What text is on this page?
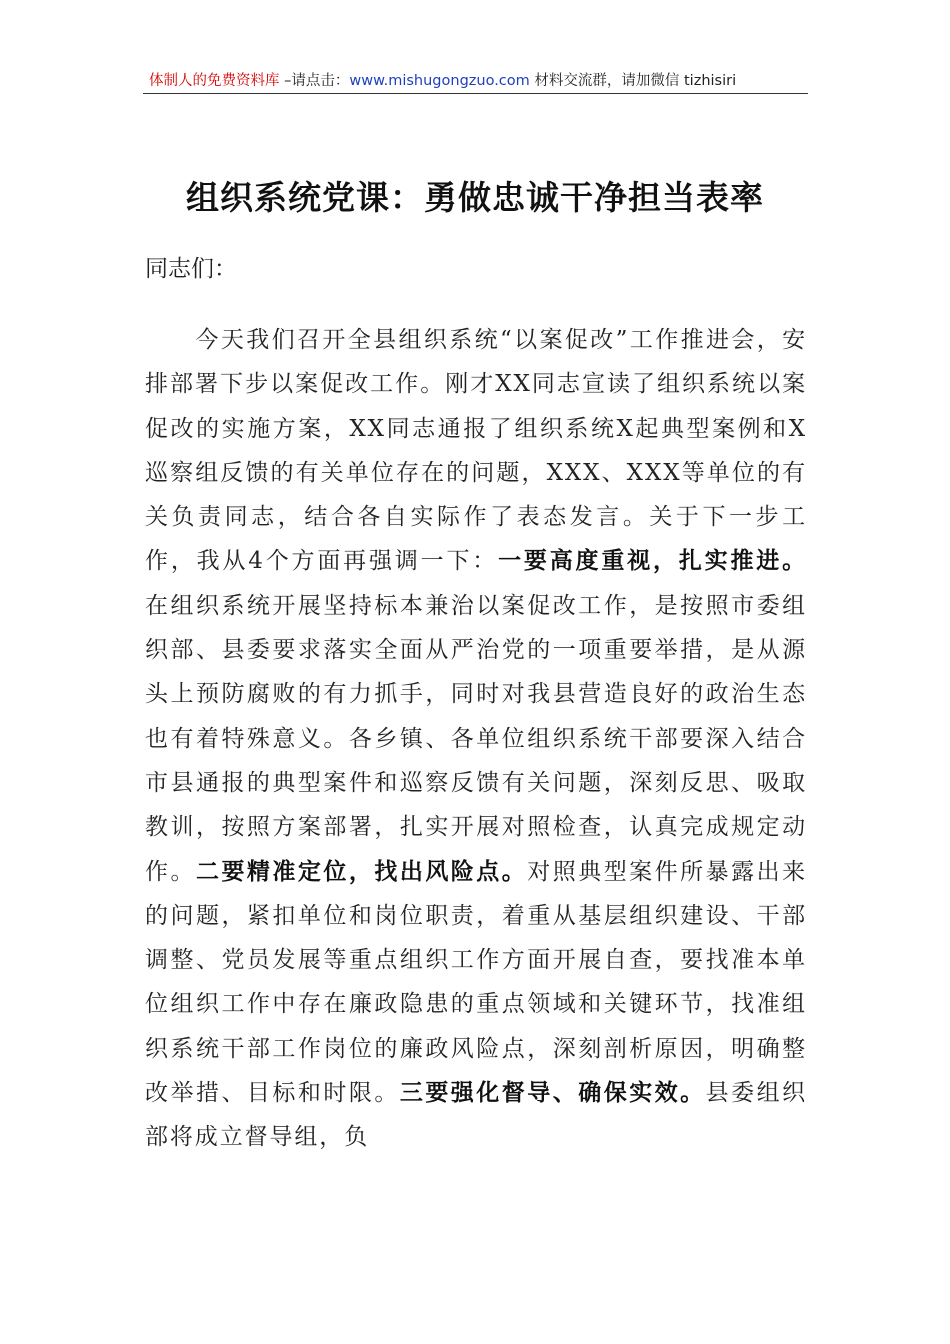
体制人的免费资料库 –请点击：www.mishugongzuo.com 材料交流群，请加微信 tizhisiri
组织系统党课：勇做忠诚干净担当表率
同志们：
今天我们召开全县组织系统“以案促改”工作推进会，安排部署下步以案促改工作。刚才XX同志宣读了组织系统以案促改的实施方案，XX同志通报了组织系统X起典型案例和X巡察组反馈的有关单位存在的问题，XXX、XXX等单位的有关负责同志，结合各自实际作了表态发言。关于下一步工作，我从4个方面再强调一下：一要高度重视，扎实推进。在组织系统开展坚持标本兼治以案促改工作，是按照市委组织部、县委要求落实全面从严治党的一项重要举措，是从源头上预防腐败的有力抓手，同时对我县营造良好的政治生态也有着特殊意义。各乡镇、各单位组织系统干部要深入结合市县通报的典型案件和巡察反馈有关问题，深刻反思、吸取教训，按照方案部署，扎实开展对照检查，认真完成规定动作。二要精准定位，找出风险点。对照典型案件所暴露出来的问题，紧扣单位和岗位职责，着重从基层组织建设、干部调整、党员发展等重点组织工作方面开展自查，要找准本单位组织工作中存在廉政隐患的重点领域和关键环节，找准组织系统干部工作岗位的廉政风险点，深刻剖析原因，明确整改举措、目标和时限。三要强化督导、确保实效。县委组织部将成立督导组，负
